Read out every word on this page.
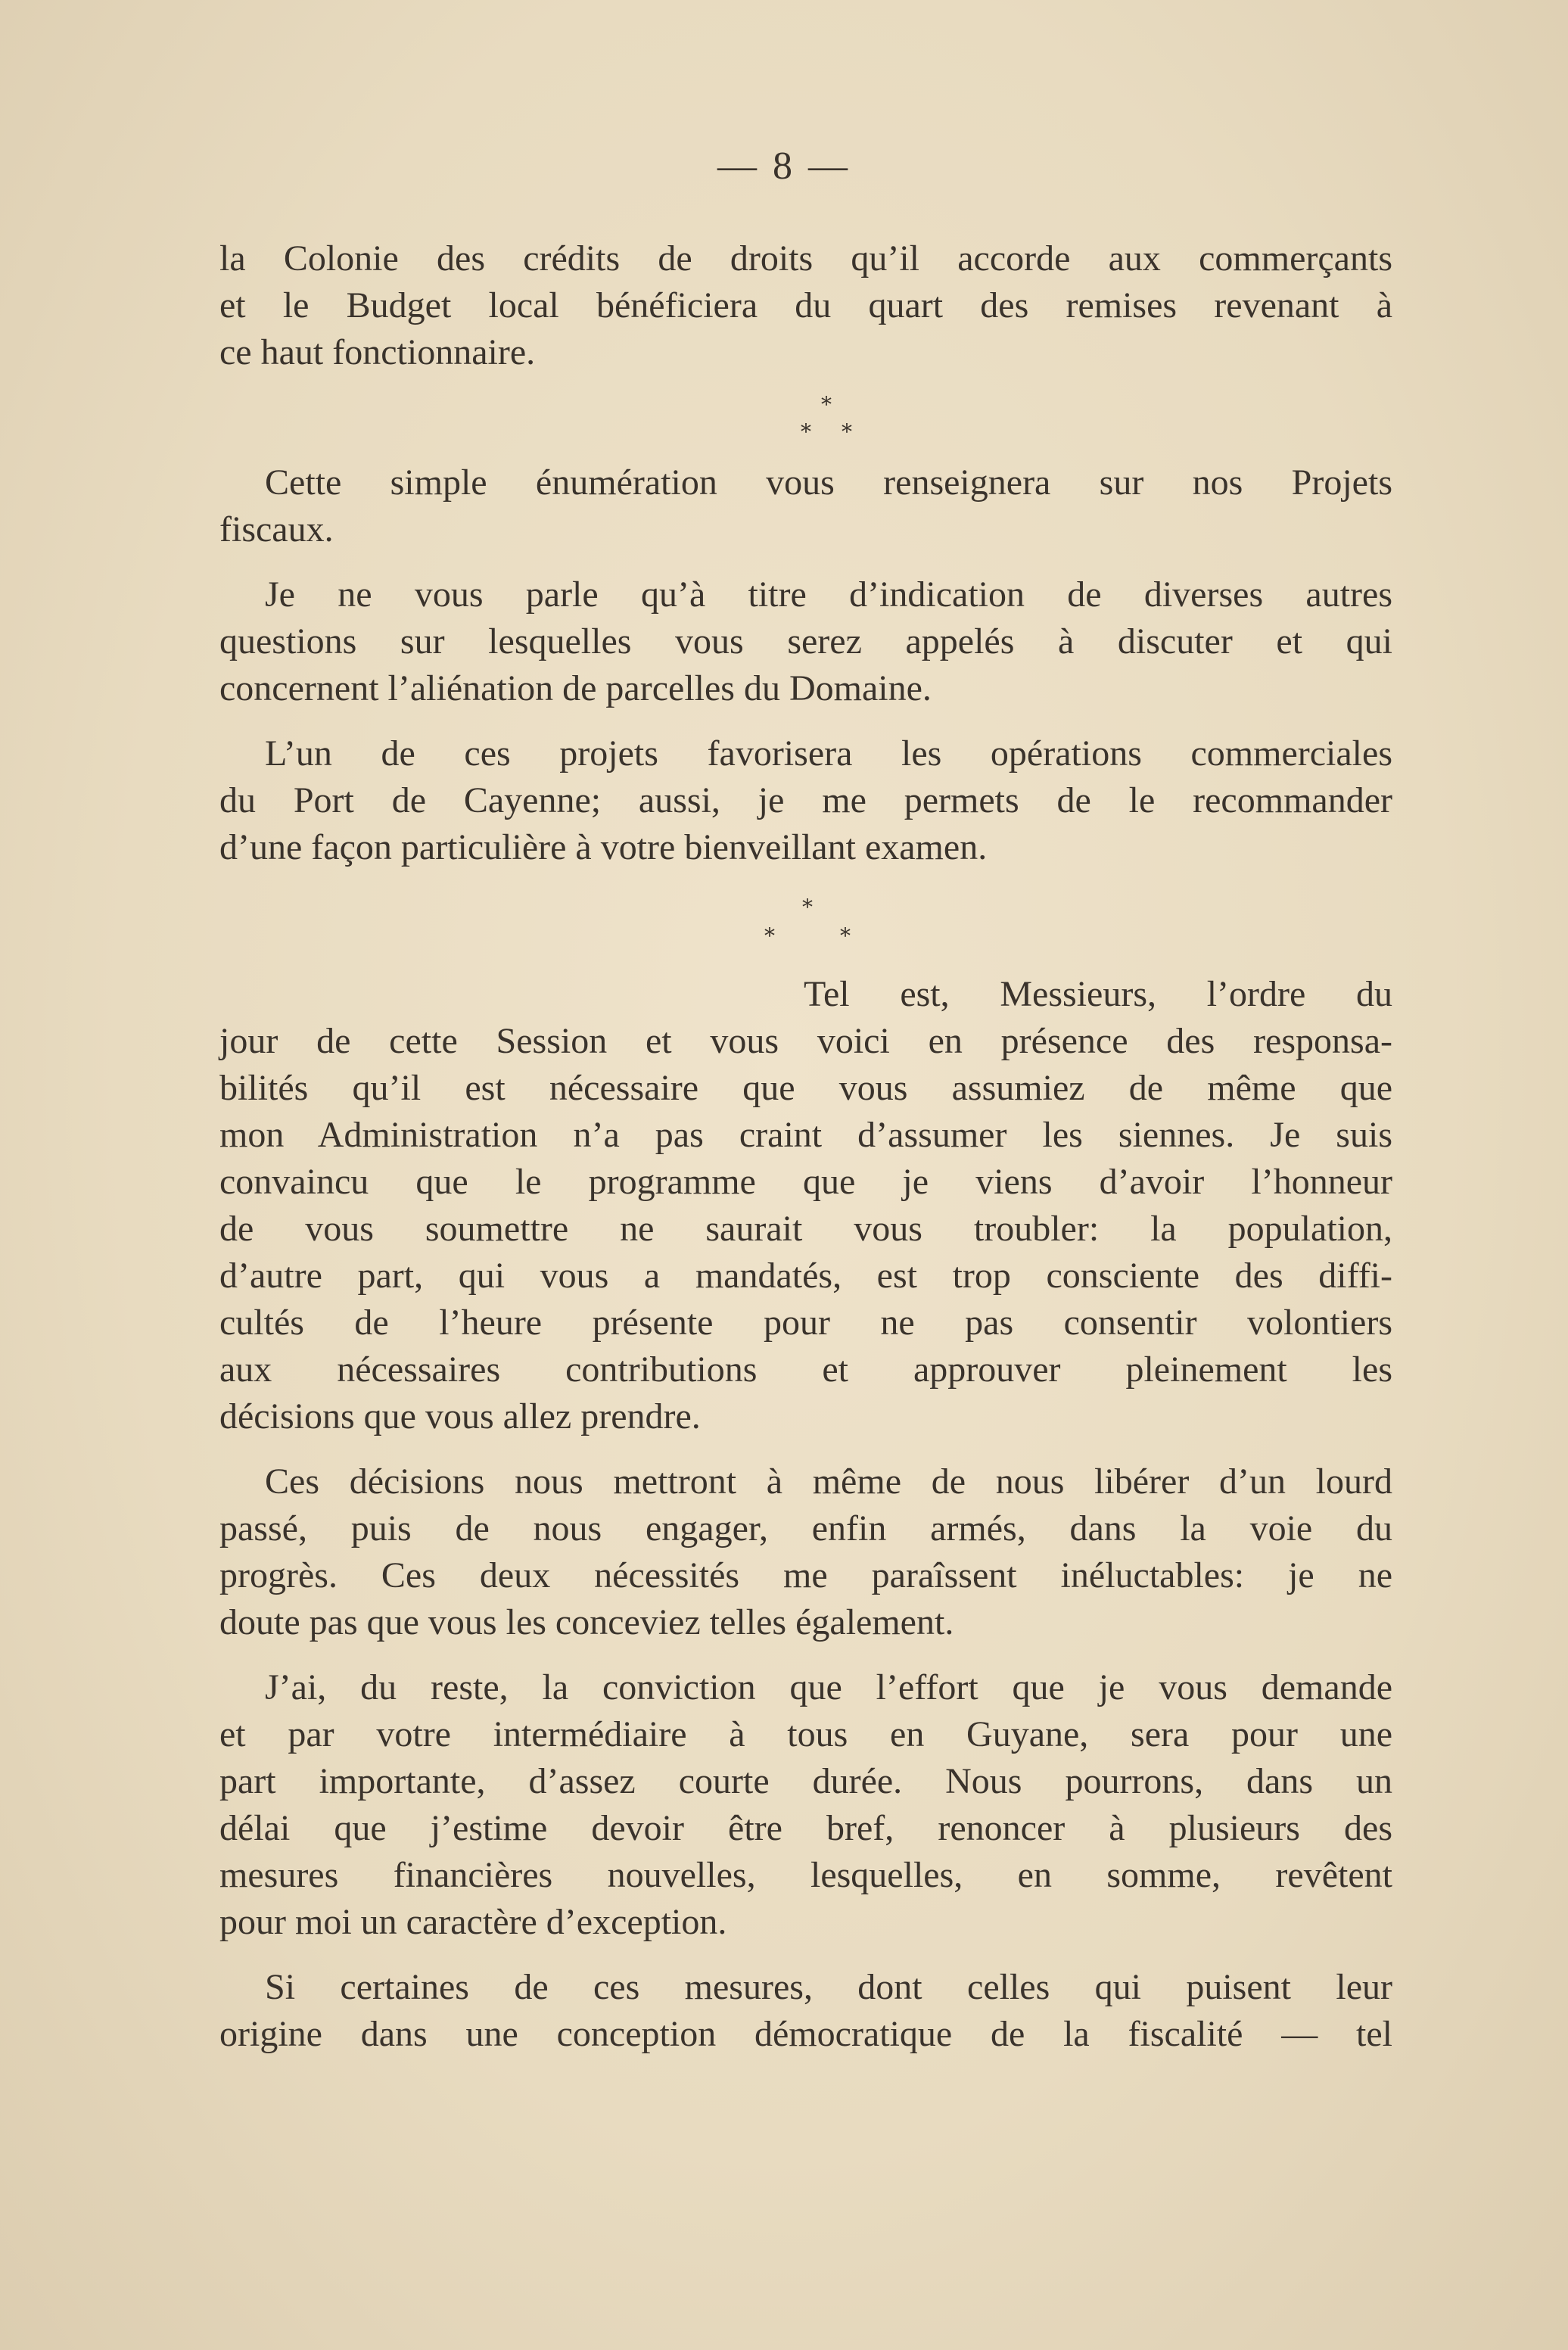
— 8 —
la Colonie des crédits de droits qu’il accorde aux commerçants
et le Budget local bénéficiera du quart des remises revenant à
ce haut fonctionnaire.
*
* *
Cette simple énumération vous renseignera sur nos Projets
fiscaux.
Je ne vous parle qu’à titre d’indication de diverses autres
questions sur lesquelles vous serez appelés à discuter et qui
concernent l’aliénation de parcelles du Domaine.
L’un de ces projets favorisera les opérations commerciales
du Port de Cayenne; aussi, je me permets de le recommander
d’une façon particulière à votre bienveillant examen.
*
*	*
Tel est, Messieurs, l’ordre du
jour de cette Session et vous voici en présence des responsa-
bilités qu’il est nécessaire que vous assumiez de même que
mon Administration n’a pas craint d’assumer les siennes. Je suis
convaincu que le programme que je viens d’avoir l’honneur
de vous soumettre ne saurait vous troubler: la population,
d’autre part, qui vous a mandatés, est trop consciente des diffi-
cultés de l’heure présente pour ne pas consentir volontiers
aux nécessaires contributions et approuver pleinement les
décisions que vous allez prendre.
Ces décisions nous mettront à même de nous libérer d’un lourd
passé, puis de nous engager, enfin armés, dans la voie du
progrès. Ces deux nécessités me paraîssent inéluctables: je ne
doute pas que vous les conceviez telles également.
J’ai, du reste, la conviction que l’effort que je vous demande
et par votre intermédiaire à tous en Guyane, sera pour une
part importante, d’assez courte durée. Nous pourrons, dans un
délai que j’estime devoir être bref, renoncer à plusieurs des
mesures financières nouvelles, lesquelles, en somme, revêtent
pour moi un caractère d’exception.
Si certaines de ces mesures, dont celles qui puisent leur
origine dans une conception démocratique de la fiscalité — tel
